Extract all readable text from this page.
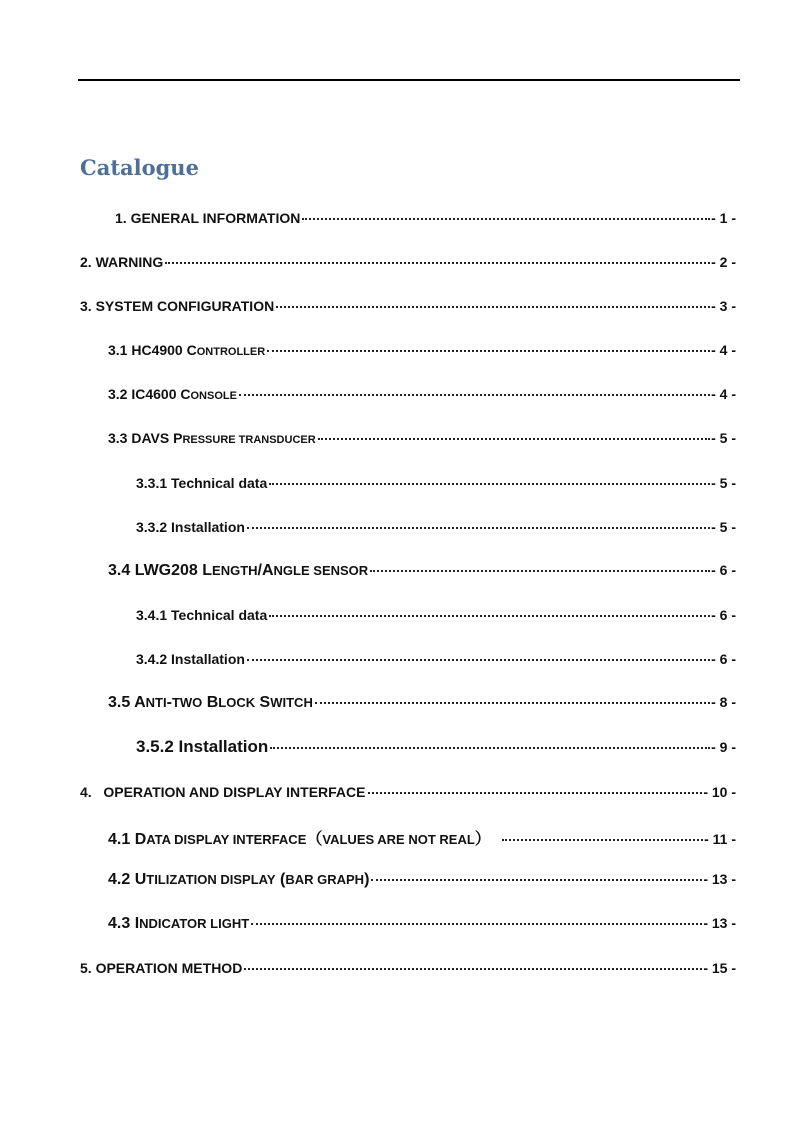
Catalogue
1. GENERAL INFORMATION	- 1 -
2. WARNING	- 2 -
3. SYSTEM CONFIGURATION	- 3 -
3.1 HC4900 CONTROLLER	- 4 -
3.2 IC4600 CONSOLE	- 4 -
3.3 DAVS PRESSURE TRANSDUCER	- 5 -
3.3.1 Technical data	- 5 -
3.3.2 Installation	- 5 -
3.4 LWG208 LENGTH/ANGLE SENSOR	- 6 -
3.4.1 Technical data	- 6 -
3.4.2 Installation	- 6 -
3.5 ANTI-TWO BLOCK SWITCH	- 8 -
3.5.2 Installation	- 9 -
4.   OPERATION AND DISPLAY INTERFACE	- 10 -
4.1 DATA DISPLAY INTERFACE（VALUES ARE NOT REAL）	- 11 -
4.2 UTILIZATION DISPLAY (BAR GRAPH)	- 13 -
4.3 INDICATOR LIGHT	- 13 -
5. OPERATION METHOD	- 15 -
